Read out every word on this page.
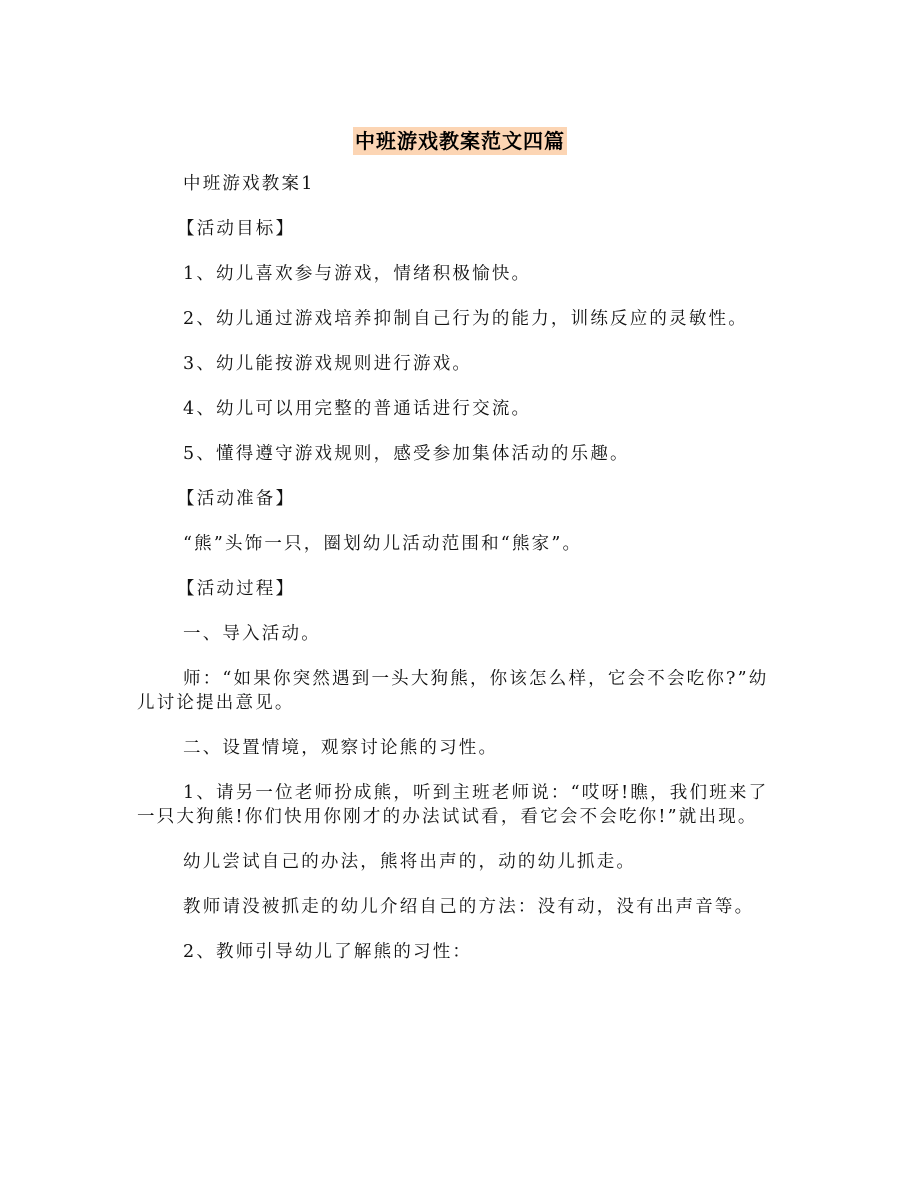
中班游戏教案范文四篇

中班游戏教案1

【活动目标】

1、幼儿喜欢参与游戏，情绪积极愉快。

2、幼儿通过游戏培养抑制自己行为的能力，训练反应的灵敏性。

3、幼儿能按游戏规则进行游戏。

4、幼儿可以用完整的普通话进行交流。

5、懂得遵守游戏规则，感受参加集体活动的乐趣。

【活动准备】

“熊”头饰一只，圈划幼儿活动范围和“熊家”。

【活动过程】

一、导入活动。

师：“如果你突然遇到一头大狗熊，你该怎么样，它会不会吃你?”幼儿讨论提出意见。

二、设置情境，观察讨论熊的习性。

1、请另一位老师扮成熊，听到主班老师说：“哎呀!瞧，我们班来了一只大狗熊!你们快用你刚才的办法试试看，看它会不会吃你!”就出现。

幼儿尝试自己的办法，熊将出声的，动的幼儿抓走。

教师请没被抓走的幼儿介绍自己的方法：没有动，没有出声音等。

2、教师引导幼儿了解熊的习性：
